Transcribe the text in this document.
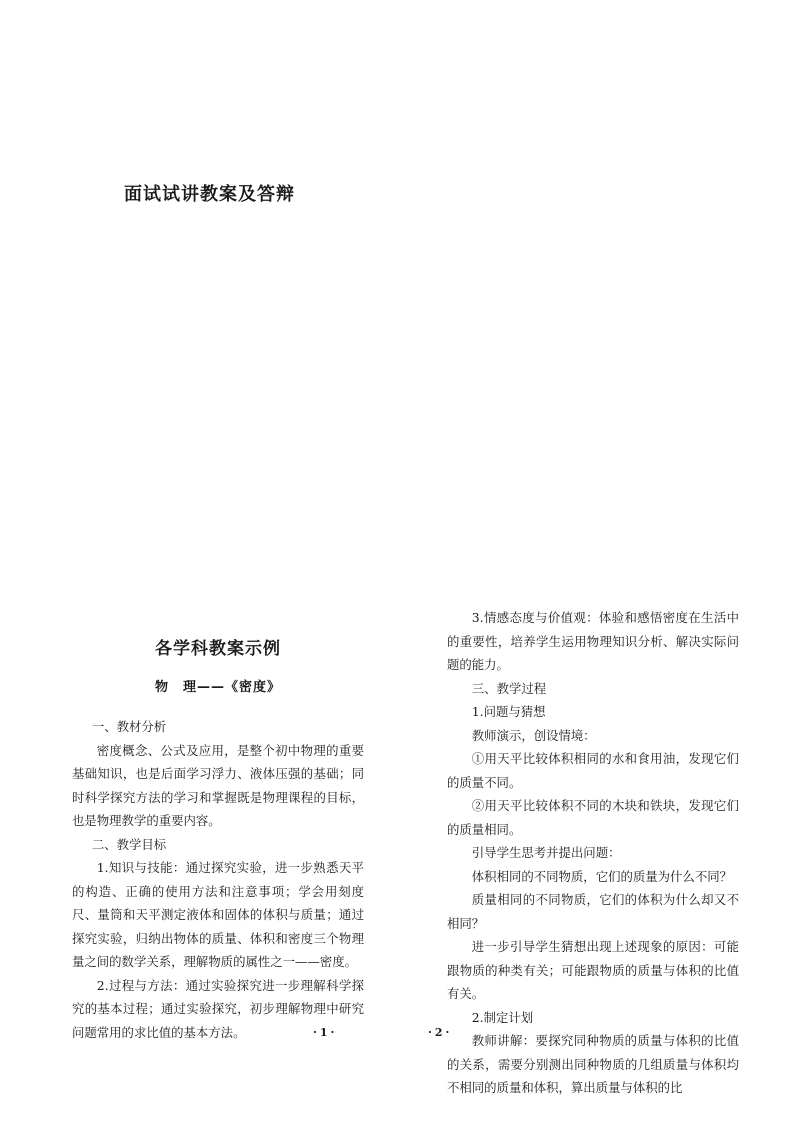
面试试讲教案及答辩
各学科教案示例
物　理——《密度》

一、教材分析

密度概念、公式及应用，是整个初中物理的重要基础知识，也是后面学习浮力、液体压强的基础；同时科学探究方法的学习和掌握既是物理课程的目标，也是物理教学的重要内容。

二、教学目标

1.知识与技能：通过探究实验，进一步熟悉天平的构造、正确的使用方法和注意事项；学会用刻度尺、量筒和天平测定液体和固体的体积与质量；通过探究实验，归纳出物体的质量、体积和密度三个物理量之间的数学关系，理解物质的属性之一——密度。

2.过程与方法：通过实验探究进一步理解科学探究的基本过程；通过实验探究，初步理解物理中研究问题常用的求比值的基本方法。

3.情感态度与价值观：体验和感悟密度在生活中的重要性，培养学生运用物理知识分析、解决实际问题的能力。

三、教学过程

1.问题与猜想

教师演示，创设情境：

①用天平比较体积相同的水和食用油，发现它们的质量不同。

②用天平比较体积不同的木块和铁块，发现它们的质量相同。

引导学生思考并提出问题：

体积相同的不同物质，它们的质量为什么不同？

质量相同的不同物质，它们的体积为什么却又不相同？

进一步引导学生猜想出现上述现象的原因：可能跟物质的种类有关；可能跟物质的质量与体积的比值有关。

2.制定计划

教师讲解：要探究同种物质的质量与体积的比值的关系，需要分别测出同种物质的几组质量与体积均不相同的质量和体积，算出质量与体积的比

·1·	·2·
